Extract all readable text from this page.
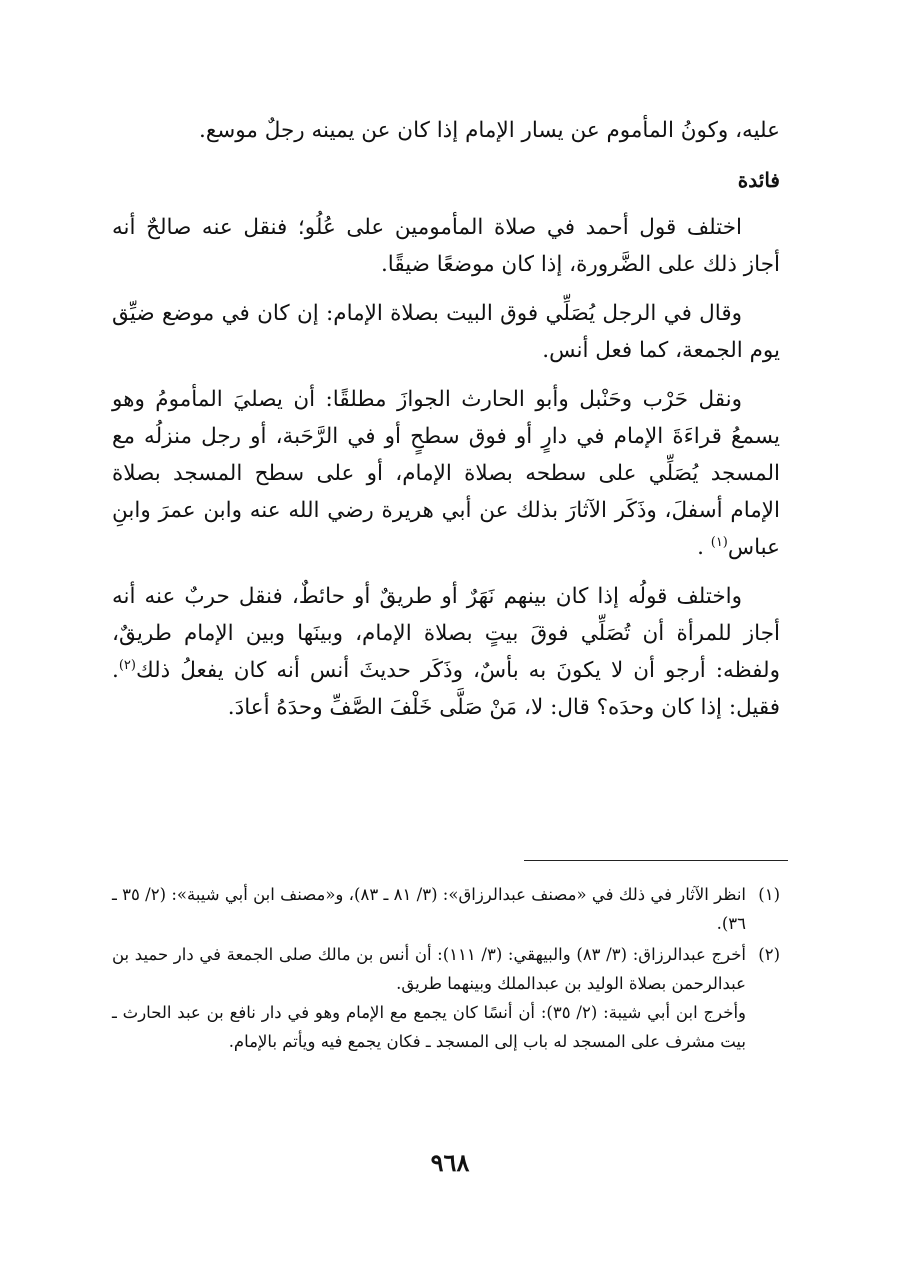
عليه، وكونُ المأموم عن يسار الإمام إذا كان عن يمينه رجلٌ موسع.

فائدة

اختلف قول أحمد في صلاة المأمومين على عُلُو؛ فنقل عنه صالحٌ أنه أجاز ذلك على الضَّرورة، إذا كان موضعًا ضيقًا.

وقال في الرجل يُصَلِّي فوق البيت بصلاة الإمام: إن كان في موضع ضيِّق يوم الجمعة، كما فعل أنس.

ونقل حَرْب وحَنْبل وأبو الحارث الجوازَ مطلقًا: أن يصليَ المأمومُ وهو يسمعُ قراءَةَ الإمام في دارٍ أو فوق سطحٍ أو في الرَّحَبة، أو رجل منزلُه مع المسجد يُصَلِّي على سطحه بصلاة الإمام، أو على سطح المسجد بصلاة الإمام أسفلَ، وذَكَر الآثارَ بذلك عن أبي هريرة رضي الله عنه وابن عمرَ وابنِ عباس$^{(١)}$ .

واختلف قولُه إذا كان بينهم نَهَرٌ أو طريقٌ أو حائطٌ، فنقل حربٌ عنه أنه أجاز للمرأة أن تُصَلِّي فوقَ بيتٍ بصلاة الإمام، وبينَها وبين الإمام طريقٌ، ولفظه: أرجو أن لا يكونَ به بأسٌ، وذَكَر حديثَ أنس أنه كان يفعلُ ذلك$^{(٢)}$. فقيل: إذا كان وحدَه؟ قال: لا، مَنْ صَلَّى خَلْفَ الصَّفِّ وحدَهُ أعادَ.

(١)

انظر الآثار في ذلك في «مصنف عبدالرزاق»: (٣/ ٨١ ـ ٨٣)، و«مصنف ابن أبي شيبة»: (٢/ ٣٥ ـ ٣٦).

(٢)

أخرج عبدالرزاق: (٣/ ٨٣) والبيهقي: (٣/ ١١١): أن أنس بن مالك صلى الجمعة في دار حميد بن عبدالرحمن بصلاة الوليد بن عبدالملك وبينهما طريق.

وأخرج ابن أبي شيبة: (٢/ ٣٥): أن أنسًا كان يجمع مع الإمام وهو في دار نافع بن عبد الحارث ـ بيت مشرف على المسجد له باب إلى المسجد ـ فكان يجمع فيه ويأتم بالإمام.

٩٦٨
